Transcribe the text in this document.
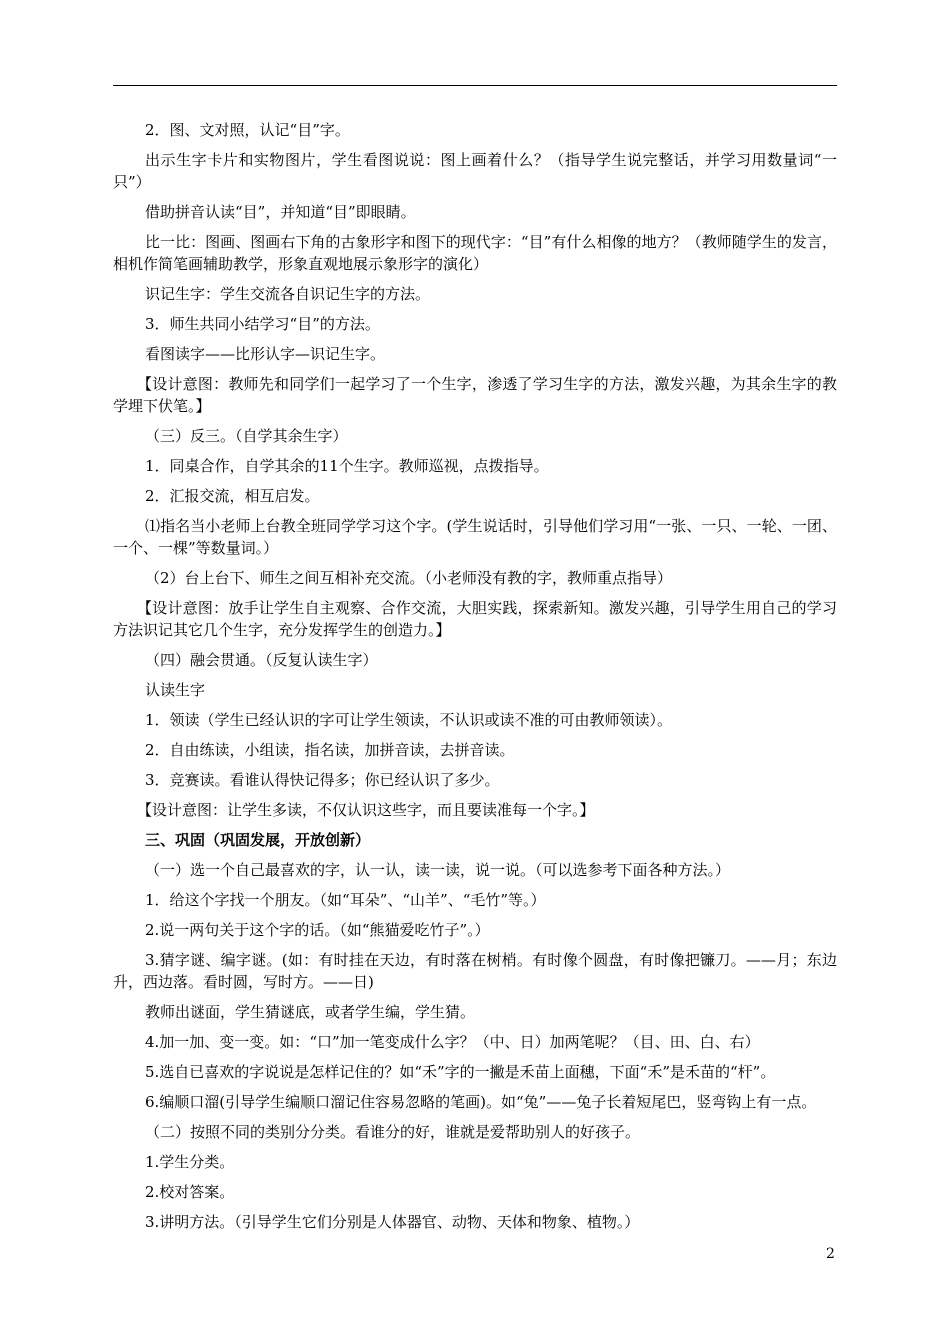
2．图、文对照，认记“目”字。

出示生字卡片和实物图片，学生看图说说：图上画着什么？（指导学生说完整话，并学习用数量词“一只”）

借助拼音认读“目”，并知道“目”即眼睛。

比一比：图画、图画右下角的古象形字和图下的现代字：“目”有什么相像的地方？（教师随学生的发言，相机作简笔画辅助教学，形象直观地展示象形字的演化）

识记生字：学生交流各自识记生字的方法。

3．师生共同小结学习“目”的方法。

看图读字——比形认字—识记生字。

【设计意图：教师先和同学们一起学习了一个生字，渗透了学习生字的方法，激发兴趣，为其余生字的教学埋下伏笔。】

（三）反三。（自学其余生字）

1．同桌合作，自学其余的11个生字。教师巡视，点拨指导。

2．汇报交流，相互启发。

⑴指名当小老师上台教全班同学学习这个字。(学生说话时，引导他们学习用“一张、一只、一轮、一团、一个、一棵”等数量词。）

（2）台上台下、师生之间互相补充交流。（小老师没有教的字，教师重点指导）

【设计意图：放手让学生自主观察、合作交流，大胆实践，探索新知。激发兴趣，引导学生用自己的学习方法识记其它几个生字，充分发挥学生的创造力。】

（四）融会贯通。（反复认读生字）

认读生字

1．领读（学生已经认识的字可让学生领读，不认识或读不准的可由教师领读）。

2．自由练读，小组读，指名读，加拼音读，去拼音读。

3．竞赛读。看谁认得快记得多；你已经认识了多少。

【设计意图：让学生多读，不仅认识这些字，而且要读准每一个字。】

三、巩固（巩固发展，开放创新）

（一）选一个自己最喜欢的字，认一认，读一读，说一说。（可以选参考下面各种方法。）

1．给这个字找一个朋友。（如“耳朵”、“山羊”、“毛竹”等。）

2.说一两句关于这个字的话。（如“熊猫爱吃竹子”。）

3.猜字谜、编字谜。(如：有时挂在天边，有时落在树梢。有时像个圆盘，有时像把镰刀。——月；东边升，西边落。看时圆，写时方。——日)

教师出谜面，学生猜谜底，或者学生编，学生猜。

4.加一加、变一变。如：“口”加一笔变成什么字？（中、日）加两笔呢？（目、田、白、右）

5.选自已喜欢的字说说是怎样记住的？如“禾”字的一撇是禾苗上面穗，下面“禾”是禾苗的“杆”。

6.编顺口溜(引导学生编顺口溜记住容易忽略的笔画)。如“兔”——兔子长着短尾巴，竖弯钩上有一点。

（二）按照不同的类别分分类。看谁分的好，谁就是爱帮助别人的好孩子。

1.学生分类。

2.校对答案。

3.讲明方法。（引导学生它们分别是人体器官、动物、天体和物象、植物。）

2
